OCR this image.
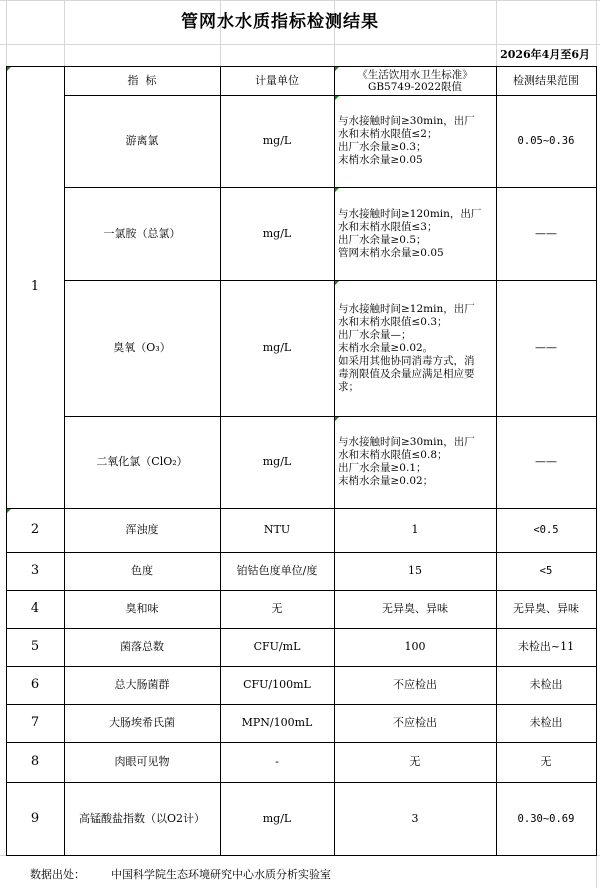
管网水水质指标检测结果
2026年4月至6月
指  标	计量单位	《生活饮用水卫生标准》
GB5749-2022限值	检测结果范围
1
游离氯	mg/L
与水接触时间≥30min，出厂
水和末梢水限值≤2；
出厂水余量≥0.3；
末梢水余量≥0.05
0.05~0.36
一氯胺（总氯）	mg/L
与水接触时间≥120min，出厂
水和末梢水限值≤3；
出厂水余量≥0.5；
管网末梢水余量≥0.05
——
臭氧（O₃）	mg/L
与水接触时间≥12min，出厂
水和末梢水限值≤0.3；
出厂水余量—；
末梢水余量≥0.02。
如采用其他协同消毒方式，消
毒剂限值及余量应满足相应要
求；
——
二氧化氯（ClO₂）	mg/L
与水接触时间≥30min，出厂
水和末梢水限值≤0.8；
出厂水余量≥0.1；
末梢水余量≥0.02；
——
2	浑浊度	NTU	1	<0.5
3	色度	铂钴色度单位/度	15	<5
4	臭和味	无	无异臭、异味	无异臭、异味
5	菌落总数	CFU/mL	100	未检出~11
6	总大肠菌群	CFU/100mL	不应检出	未检出
7	大肠埃希氏菌	MPN/100mL	不应检出	未检出
8	肉眼可见物	-	无	无
9	高锰酸盐指数（以O2计）	mg/L	3	0.30~0.69
数据出处： 中国科学院生态环境研究中心水质分析实验室
